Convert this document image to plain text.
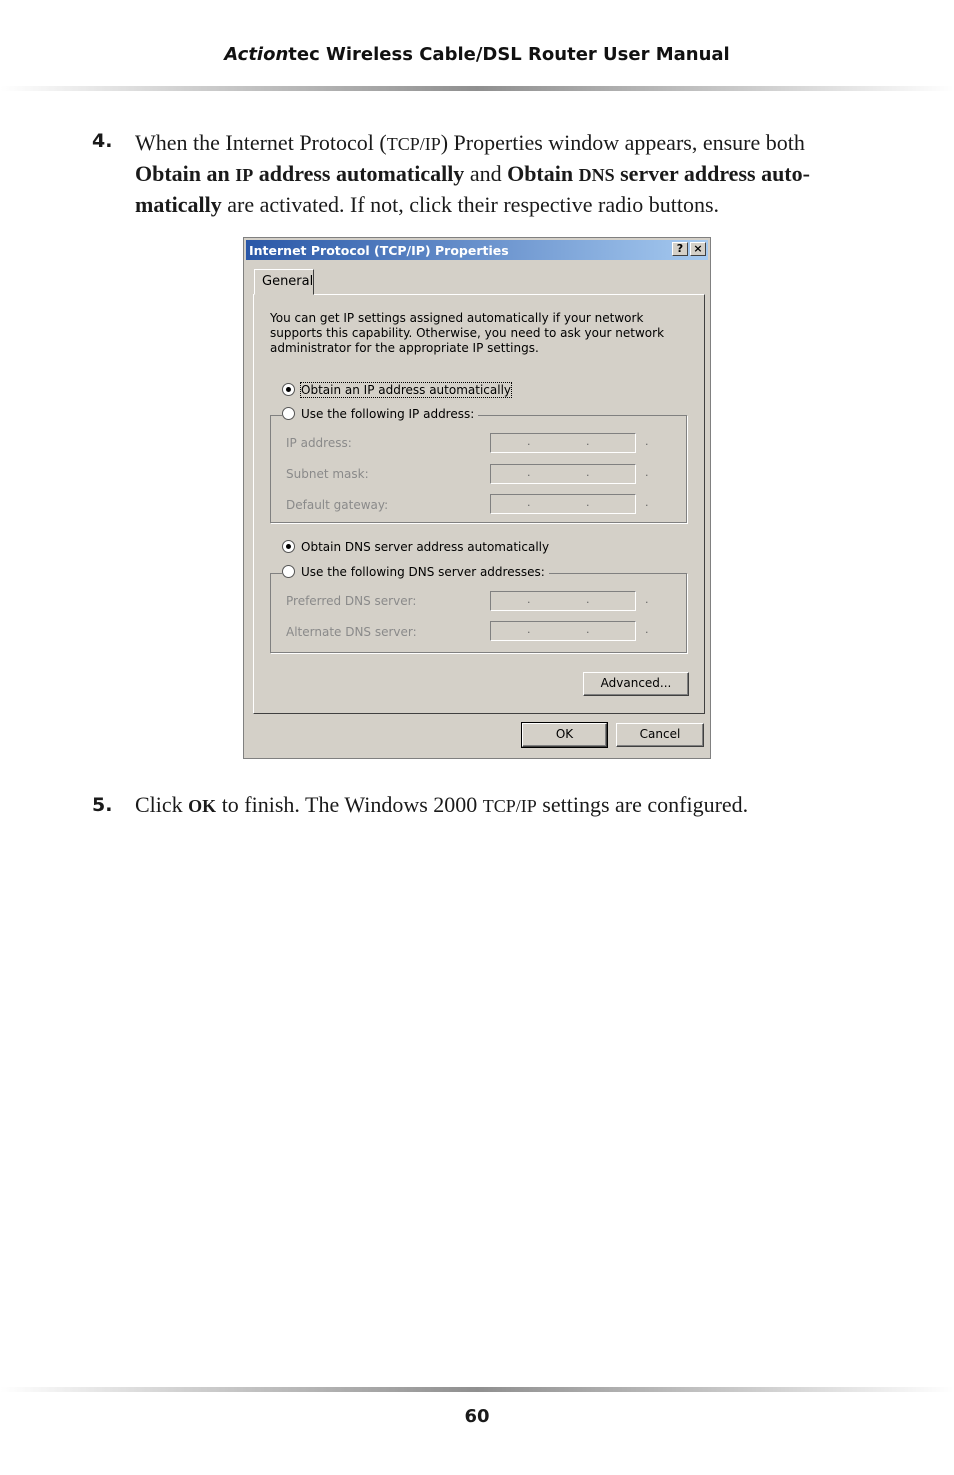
Actiontec Wireless Cable/DSL Router User Manual
4. When the Internet Protocol (TCP/IP) Properties window appears, ensure both Obtain an IP address automatically and Obtain DNS server address auto-matically are activated. If not, click their respective radio buttons.
Internet Protocol (TCP/IP) Properties	? ×
General
You can get IP settings assigned automatically if your network supports this capability. Otherwise, you need to ask your network administrator for the appropriate IP settings.
Obtain an IP address automatically
IP address:	. . .
Subnet mask:	. . .
Default gateway:	. . .
Use the following IP address:
Obtain DNS server address automatically
Preferred DNS server:	. . .
Alternate DNS server:	. . .
Use the following DNS server addresses:
Advanced...
OK	Cancel
5. Click OK to finish. The Windows 2000 TCP/IP settings are configured.
60
